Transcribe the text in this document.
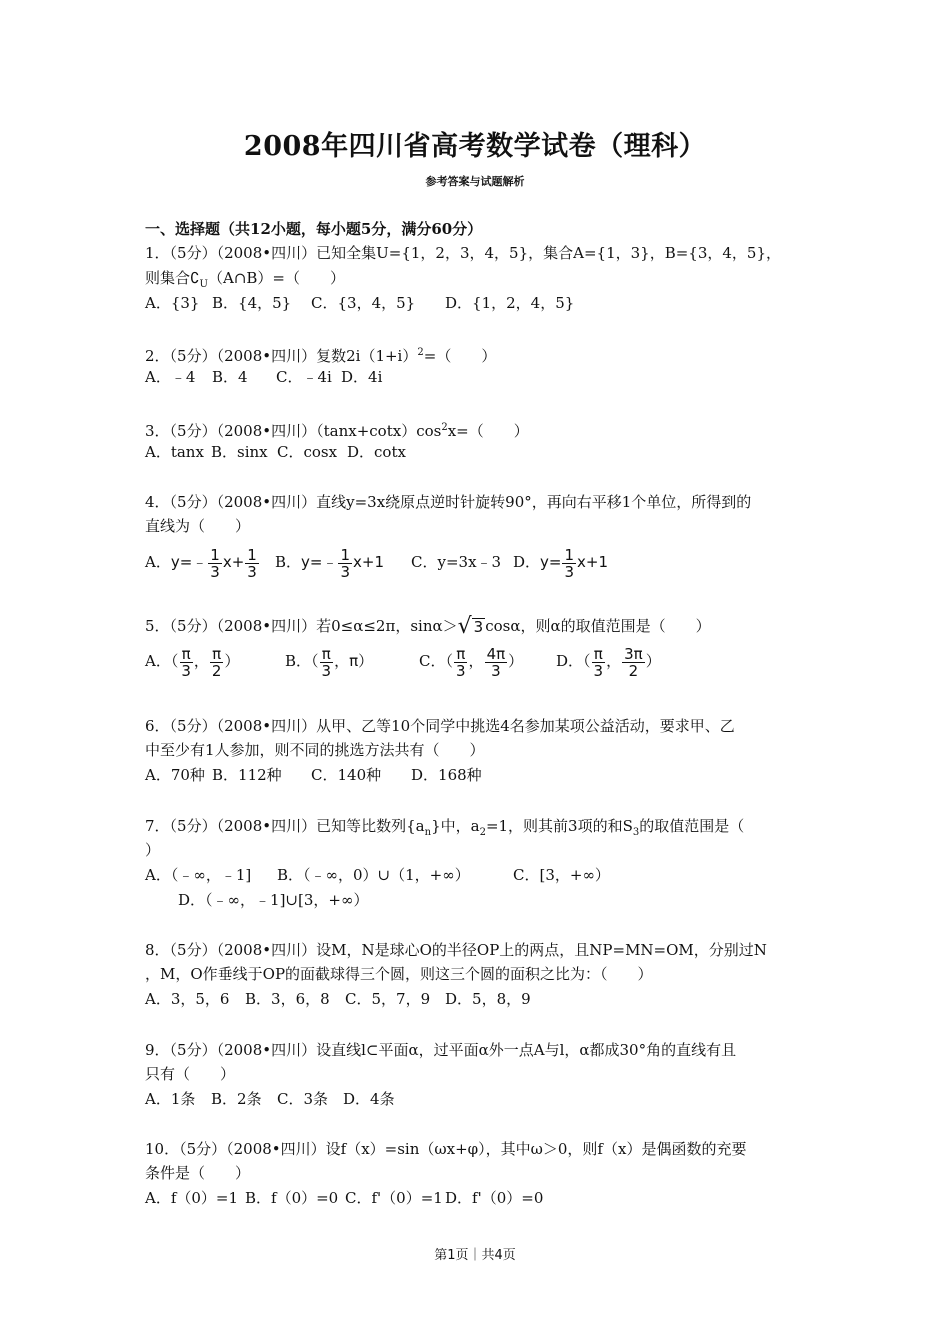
2008年四川省高考数学试卷（理科）
参考答案与试题解析
一、选择题（共12小题，每小题5分，满分60分）
1．（5分）（2008•四川）已知全集U={1，2，3，4，5}，集合A={1，3}，B={3，4，5}，
则集合$∁_U(A\cap B)=$（　　）
A．{3} B．{4，5} C．{3，4，5} D．{1，2，4，5}
2．（5分）（2008•四川）复数$2i(1+i)^2=$（　　）
A．﹣4 B．4 C．﹣4i D．4i
3．（5分）（2008•四川）$(\tan x+\cot x)\cos^2x=$（　　）
A．tanx B．sinx C．cosx D．cotx
4．（5分）（2008•四川）直线y=3x绕原点逆时针旋转90°，再向右平移1个单位，所得到的
直线为（　　）
A．y=﹣ $\frac{1}{3} x+ \frac{1}{3}$ B．y=﹣ $\frac{1}{3} x+1$ C．y=3x﹣3 D．$y= \frac{1}{3} x+1$
5．（5分）（2008•四川）若0≤α≤2π，sinα＞ √ 3 cosα，则α的取值范围是（　　）
A．（ $\frac{\pi}{3}$ ， $\frac{\pi}{2}$ ）	B．（ $\frac{\pi}{3}$ ，π）	C．（ $\frac{\pi}{3}$ ， $\frac{4\pi}{3}$ ） D．（ $\frac{\pi}{3}$ ， $\frac{3\pi}{2}$ ）
6．（5分）（2008•四川）从甲、乙等10个同学中挑选4名参加某项公益活动，要求甲、乙
中至少有1人参加，则不同的挑选方法共有（　　）
A．70种 B．112种 C．140种 D．168种
7．（5分）（2008•四川）已知等比数列$\{a_n\}$中，$a_2=1$，则其前3项的和$S_3$的取值范围是（
）
A．（﹣∞，﹣1] B．（﹣∞，0）∪（1，+∞）	C．[3，+∞）
D．（﹣∞，﹣1]∪[3，+∞）
8．（5分）（2008•四川）设M，N是球心O的半径OP上的两点，且NP=MN=OM，分别过N
，M，O作垂线于OP的面截球得三个圆，则这三个圆的面积之比为：（　　）
A．3，5，6 B．3，6，8 C．5，7，9 D．5，8，9
9．（5分）（2008•四川）设直线l⊂平面α，过平面α外一点A与l，α都成30°角的直线有且
只有（　　）
A．1条 B．2条 C．3条 D．4条
10．（5分）（2008•四川）设f（x）=sin（ωx+φ），其中ω＞0，则f（x）是偶函数的充要
条件是（　　）
A．f（0）=1 B．f（0）=0 C．f'（0）=1 D．f'（0）=0
第1页｜共4页
